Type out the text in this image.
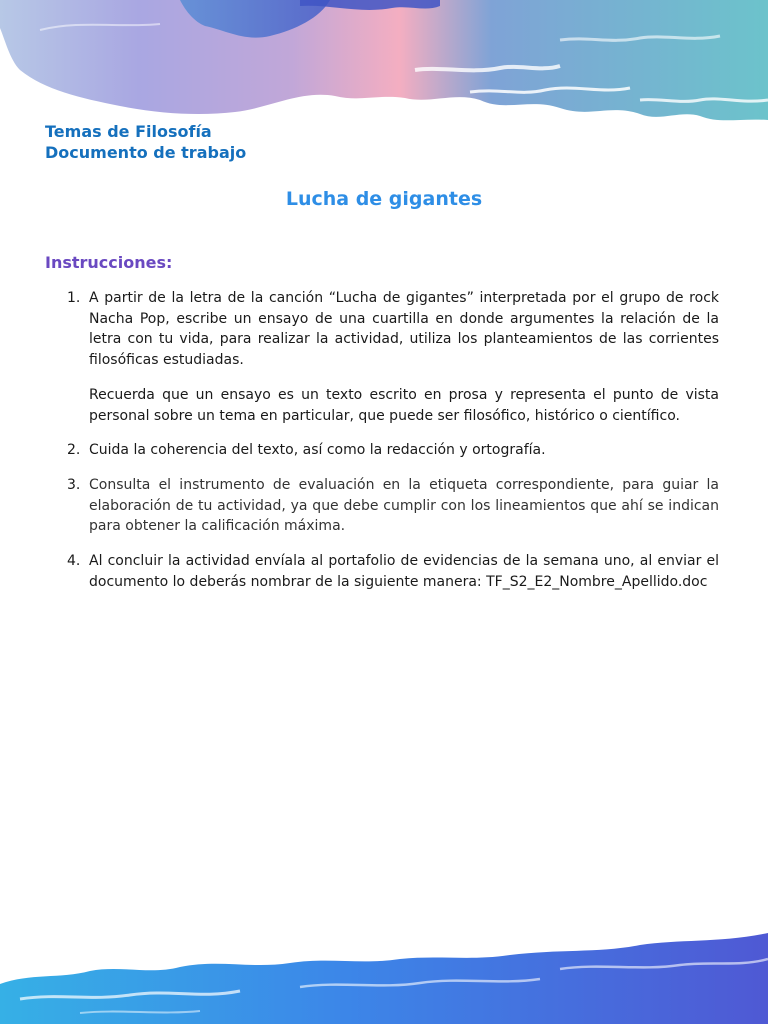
Temas de Filosofía
Documento de trabajo
Lucha de gigantes
Instrucciones:
1. A partir de la letra de la canción “Lucha de gigantes” interpretada por el grupo de rock Nacha Pop, escribe un ensayo de una cuartilla en donde argumentes la relación de la letra con tu vida, para realizar la actividad, utiliza los planteamientos de las corrientes filosóficas estudiadas.

Recuerda que un ensayo es un texto escrito en prosa y representa el punto de vista personal sobre un tema en particular, que puede ser filosófico, histórico o científico.

2. Cuida la coherencia del texto, así como la redacción y ortografía.

3. Consulta el instrumento de evaluación en la etiqueta correspondiente, para guiar la elaboración de tu actividad, ya que debe cumplir con los lineamientos que ahí se indican para obtener la calificación máxima.

4. Al concluir la actividad envíala al portafolio de evidencias de la semana uno, al enviar el documento lo deberás nombrar de la siguiente manera: TF_S2_E2_Nombre_Apellido.doc
